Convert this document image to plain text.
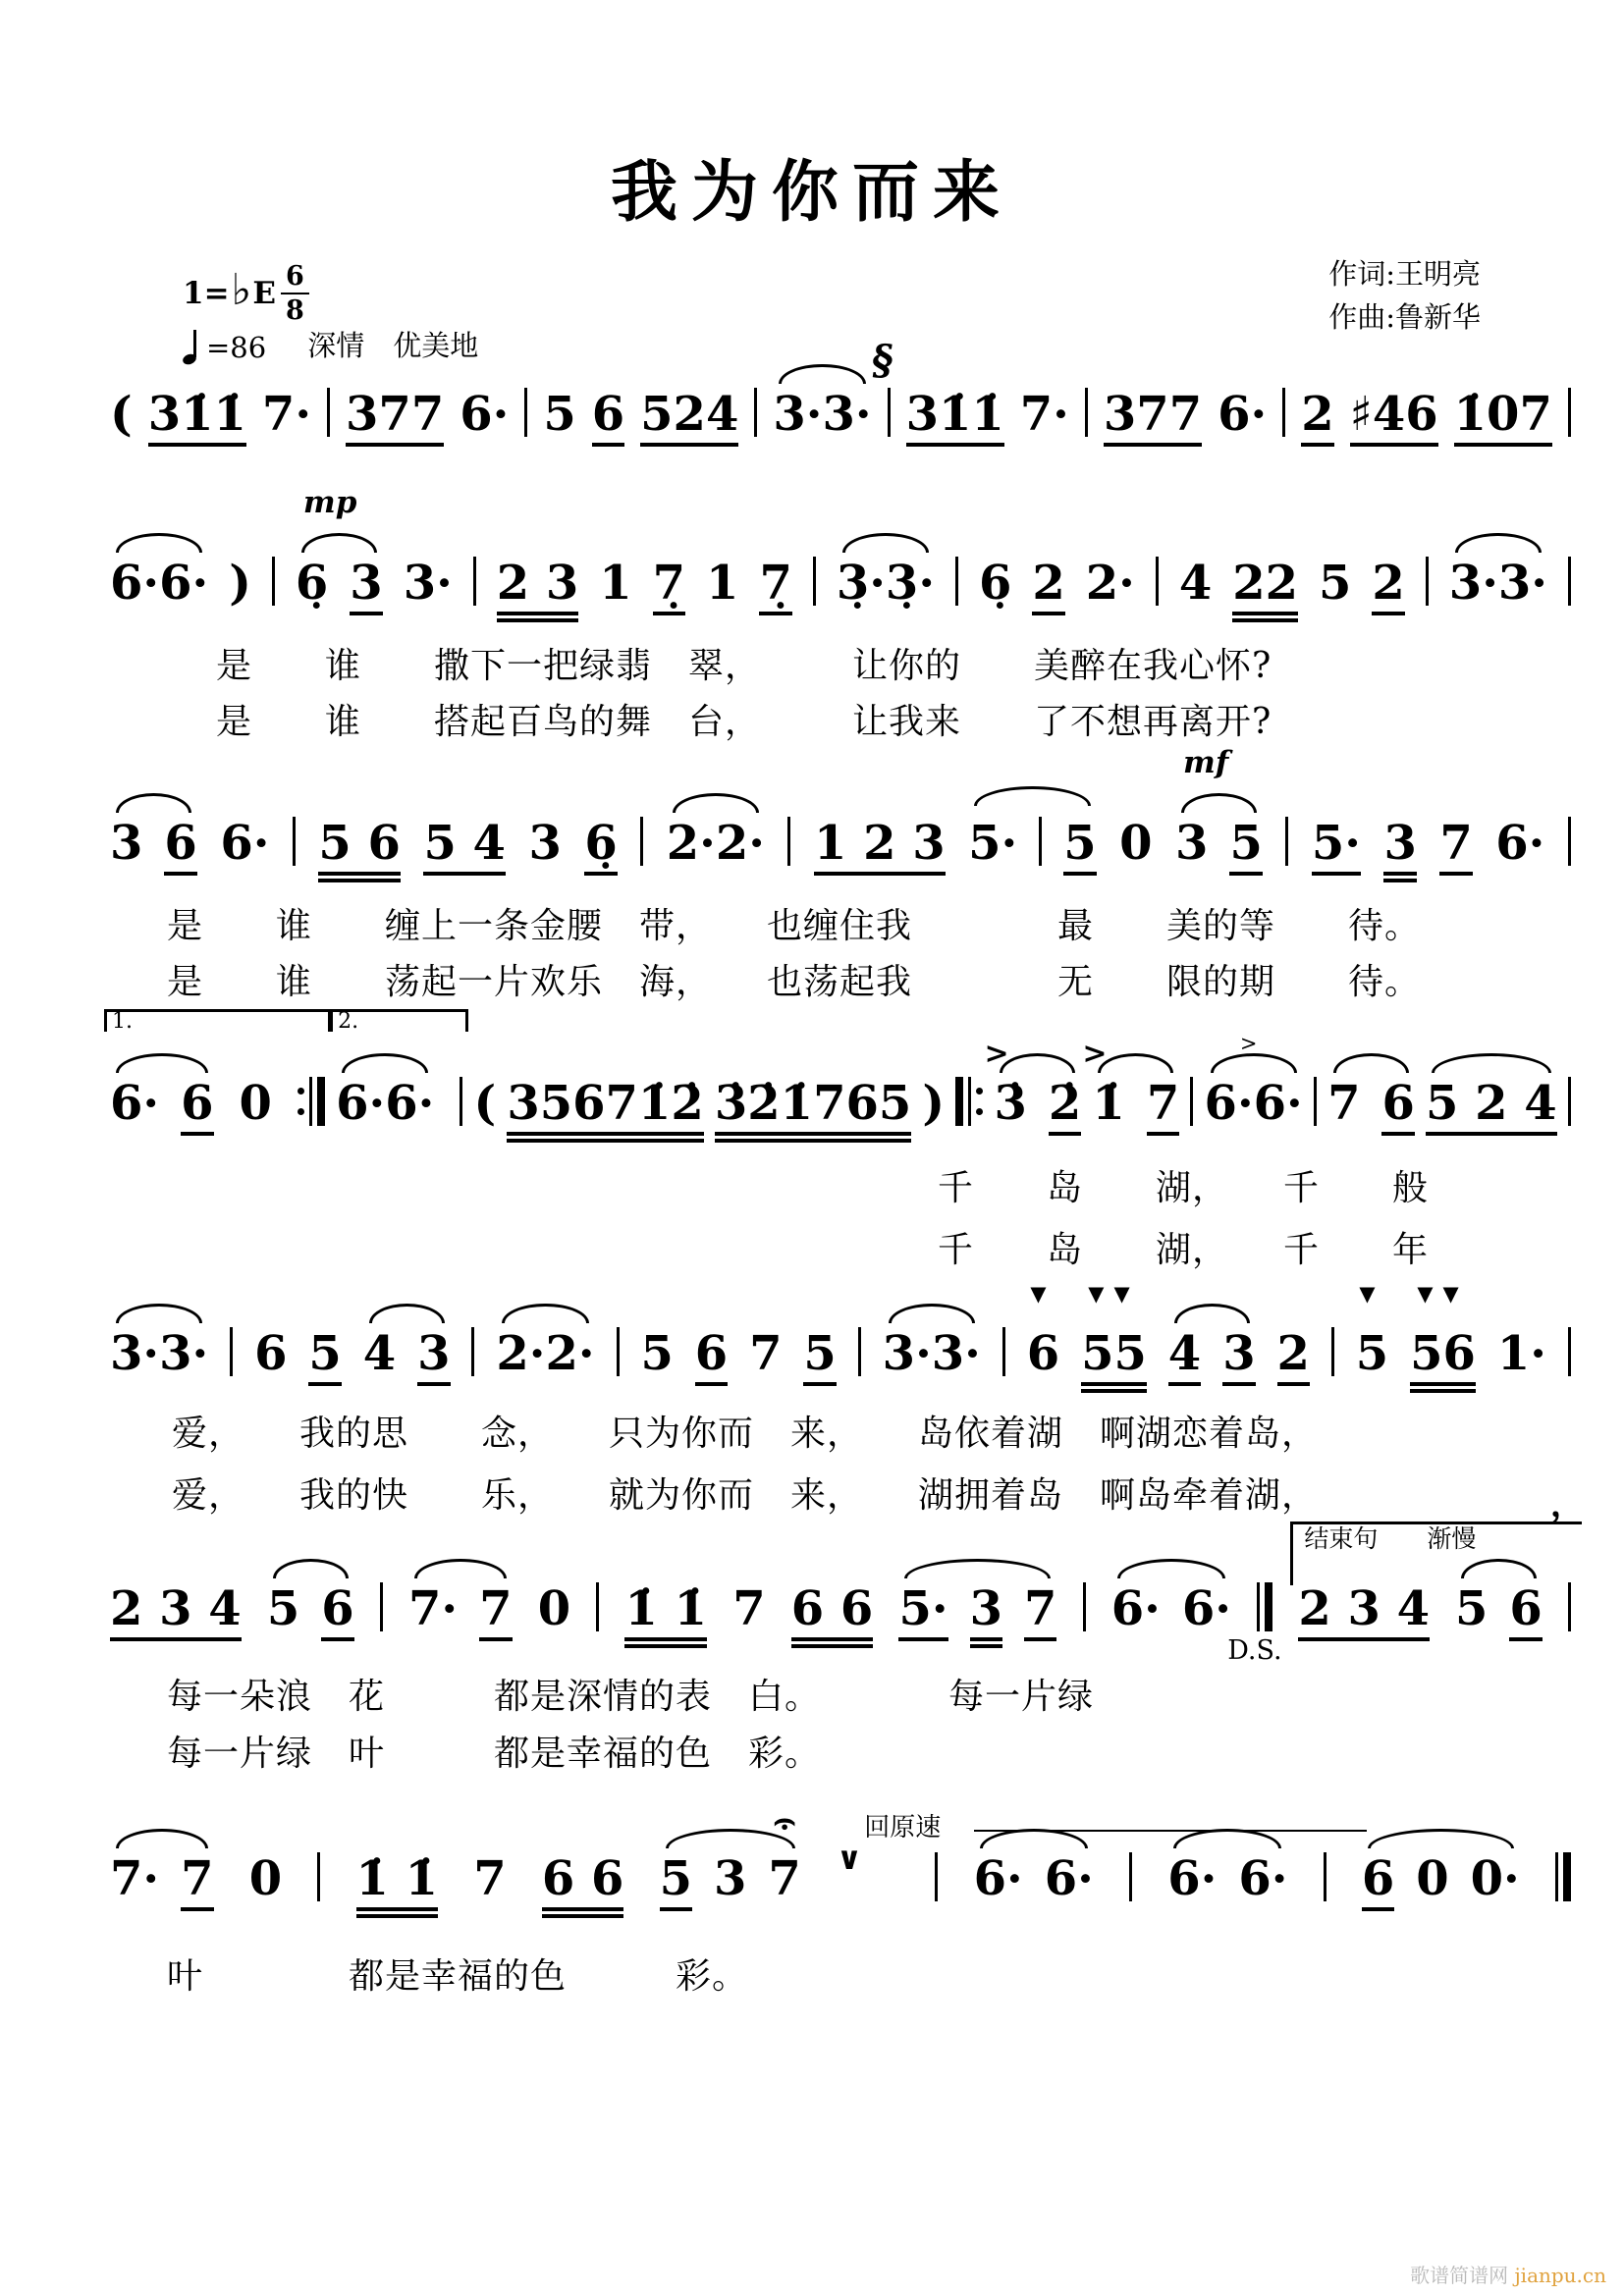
我为你而来
作词:王明亮
作曲:鲁新华
1= ♭ E $\frac{6}{8}$
=86 深情　优美地
( 31̇1̇ 7· 377 6· 5 6 524 3·3·
§
31̇1̇ 7· 377 6· 2 ♯46 1̇07
6·6· )
mp
6̣ 3 3· 2 3 1 7̣ 1 7̣ 3̣·3̣· 6̣ 2 2· 4 22 5 2 3·3·
是　　谁　　撒下一把绿翡　翠，　　　让你的　　美醉在我心怀?
是　　谁　　搭起百鸟的舞　台，　　　让我来　　了不想再离开?
3 6 6· 5 6 5 4 3 6̣ 2·2· 1 2 3 5· 5 0
mf
3 5 5· 3 7 6·
是　　谁　　缠上一条金腰　带，　　也缠住我　　　　最　　美的等　　待。
是　　谁　　荡起一片欢乐　海，　　也荡起我　　　　无　　限的期　　待。
1.
6· 6 0
2.
6·6· ( 35671̇2̇ 3̇2̇1̇765 )
>
3̇ 2̇
>
1̇ 7
>
6·6· 7 6 5 2 4
千　　岛　　湖，　　千　　般
千　　岛　　湖，　　千　　年
3·3· 6 5 4 3 2·2· 5 6 7 5 3·3·
▼
6
▼▼
55 4 3 2
▼
5
▼▼
56 1·
爱，　　我的思　　念，　　只为你而　来，　　岛依着湖　啊湖恋着岛，
爱，　　我的快　　乐，　　就为你而　来，　　湖拥着岛　啊岛牵着湖，
2 3 4 5 6 7· 7 0 1̇ 1̇ 7 6 6 5· 3 7 6· 6·
D.S.
结束句　　渐慢
，
2 3 4 5 6
每一朵浪　花　　　都是深情的表　白。　　　　每一片绿
每一片绿　叶　　　都是幸福的色　彩。
7· 7 0 1̇ 1̇ 7 6 6 5 3 ⌢ 7 • ∨
回原速
6· 6· 6· 6· 6 0 0·
叶　　　　都是幸福的色　　　彩。
歌谱简谱网 jianpu.cn
